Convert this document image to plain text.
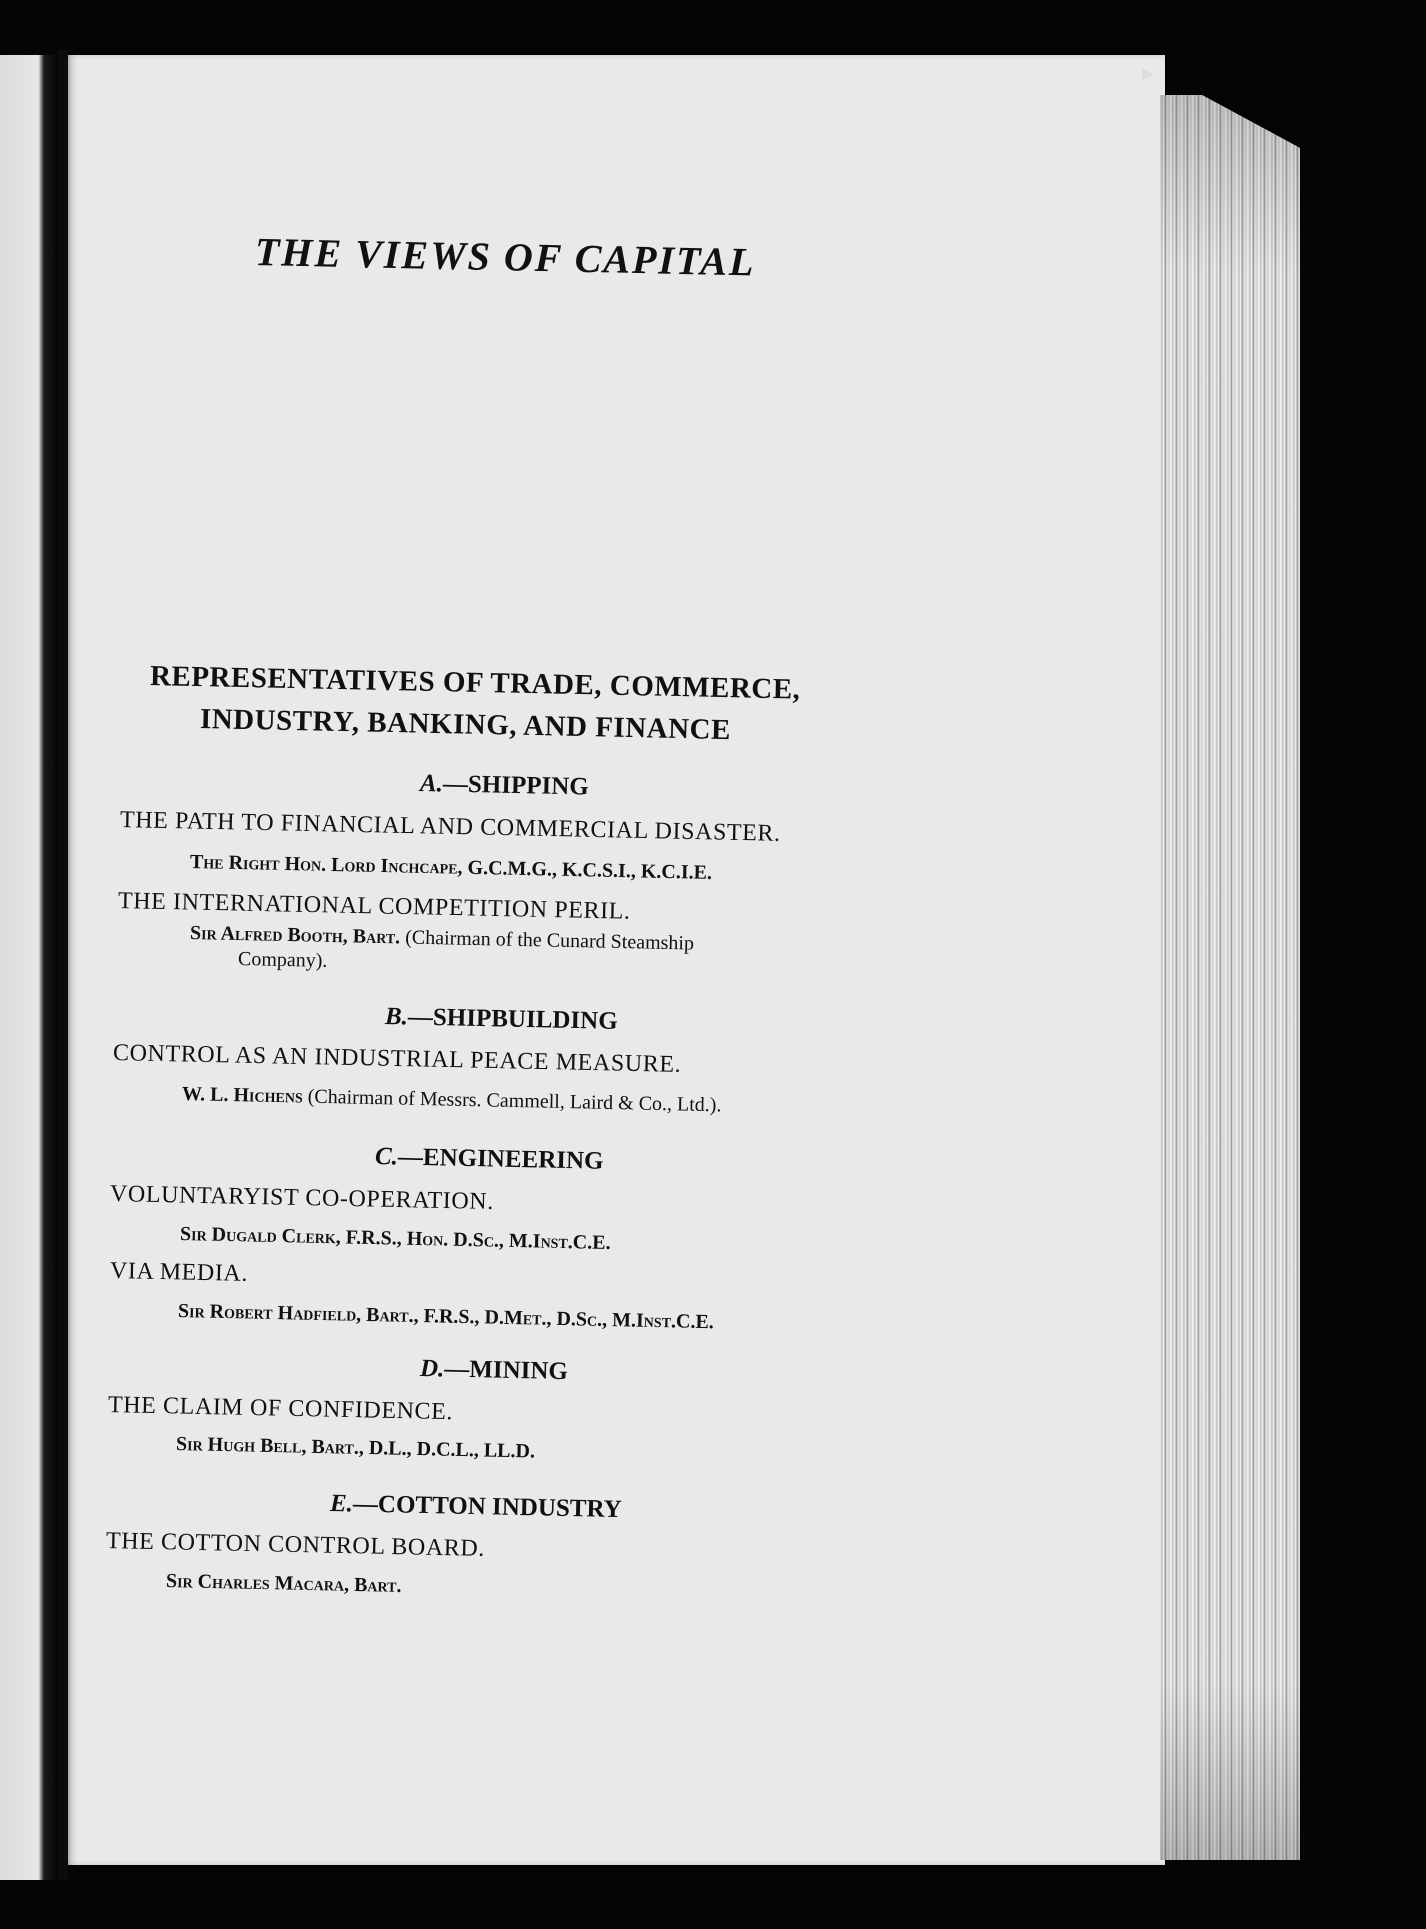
▶
THE VIEWS OF CAPITAL
REPRESENTATIVES OF TRADE, COMMERCE,
INDUSTRY, BANKING, AND FINANCE
A.—SHIPPING
THE PATH TO FINANCIAL AND COMMERCIAL DISASTER.
The Right Hon. Lord Inchcape, G.C.M.G., K.C.S.I., K.C.I.E.
THE INTERNATIONAL COMPETITION PERIL.
Sir Alfred Booth, Bart. (Chairman of the Cunard Steamship
Company).
B.—SHIPBUILDING
CONTROL AS AN INDUSTRIAL PEACE MEASURE.
W. L. Hichens (Chairman of Messrs. Cammell, Laird & Co., Ltd.).
C.—ENGINEERING
VOLUNTARYIST CO-OPERATION.
Sir Dugald Clerk, F.R.S., Hon. D.Sc., M.Inst.C.E.
VIA MEDIA.
Sir Robert Hadfield, Bart., F.R.S., D.Met., D.Sc., M.Inst.C.E.
D.—MINING
THE CLAIM OF CONFIDENCE.
Sir Hugh Bell, Bart., D.L., D.C.L., LL.D.
E.—COTTON INDUSTRY
THE COTTON CONTROL BOARD.
Sir Charles Macara, Bart.
